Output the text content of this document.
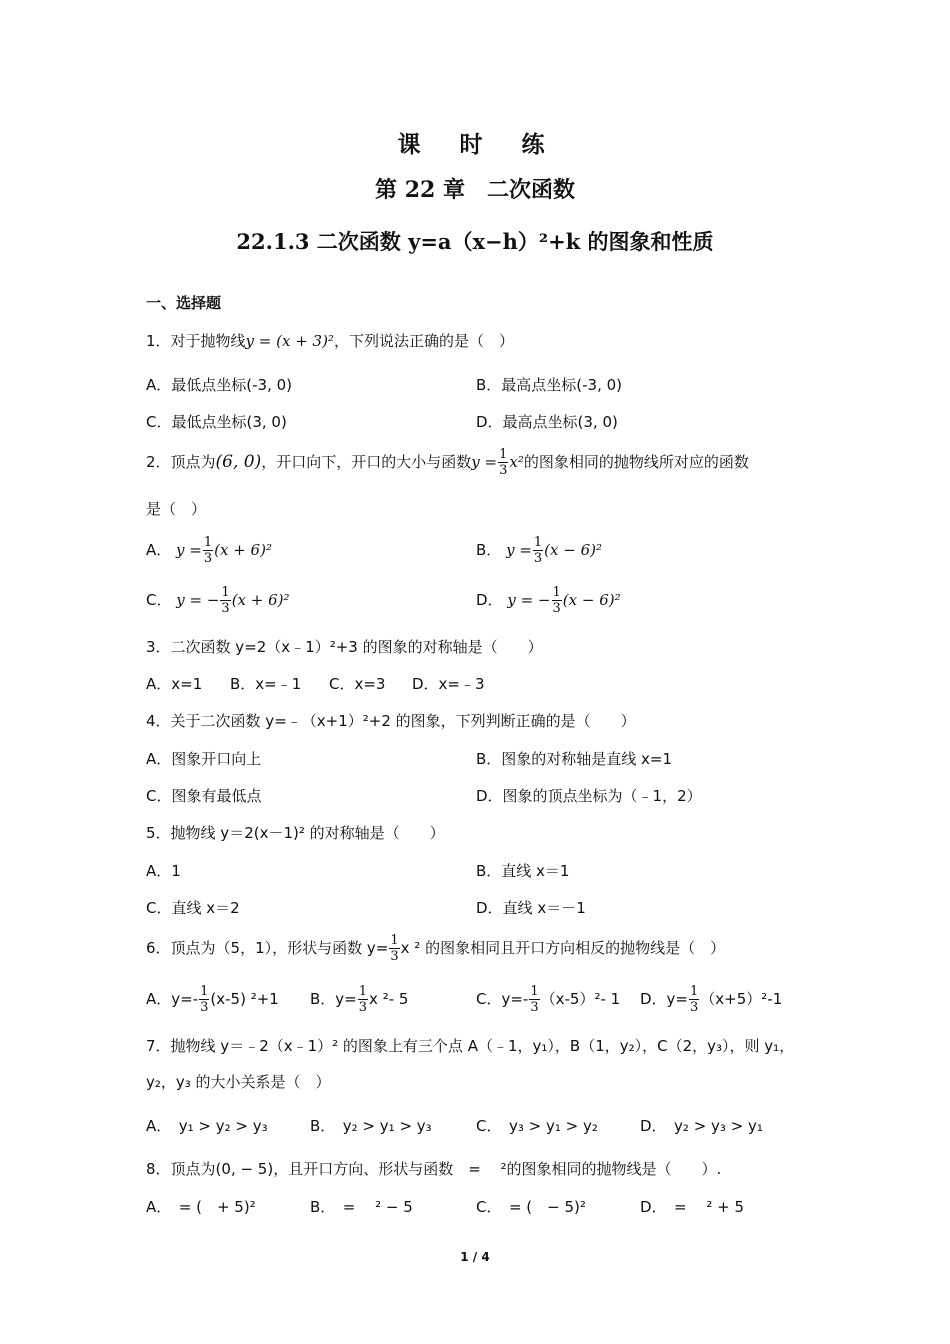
课　时　练
第 22 章　二次函数
22.1.3 二次函数 y=a（x−h）²+k 的图象和性质
一、选择题
1．对于抛物线y = (x + 3)²，下列说法正确的是（　）
A．最低点坐标(-3, 0)	B．最高点坐标(-3, 0)
C．最低点坐标(3, 0)	D．最高点坐标(3, 0)
2．顶点为(6, 0)，开口向下，开口的大小与函数$y = \frac{1}{3} x^2$的图象相同的抛物线所对应的函数
是（　）
A． $y = \frac{1}{3} (x + 6)^2$	B． $y = \frac{1}{3} (x - 6)^2$
C． y = − $\frac{1}{3} (x + 6)^2$	D． y = − $\frac{1}{3} (x - 6)^2$
3．二次函数 y=2（x﹣1）²+3 的图象的对称轴是（　　）
A．x=1 B．x=﹣1 C．x=3 D．x=﹣3
4．关于二次函数 y=﹣（x+1）²+2 的图象，下列判断正确的是（　　）
A．图象开口向上	B．图象的对称轴是直线 x=1
C．图象有最低点	D．图象的顶点坐标为（﹣1，2）
5．抛物线 y＝2(x－1)² 的对称轴是（　　）
A．1	B．直线 x＝1
C．直线 x＝2	D．直线 x＝－1
6．顶点为（5，1），形状与函数 $y= \frac{1}{3}$ x ² 的图象相同且开口方向相反的抛物线是（　）
A．$y=- \frac{1}{3} (x-5)$ ²+1 B．$y= \frac{1}{3}$ x ²- 5	C．$y=- \frac{1}{3} (x-5)^2-$ 1 D．$y= \frac{1}{3} (x+5)^2-1$
7．抛物线 y＝﹣2（x﹣1）² 的图象上有三个点 A（﹣1，y₁），B（1，y₂），C（2，y₃），则 y₁，
y₂，y₃ 的大小关系是（　）
A．　y₁ > y₂ > y₃	B．　y₂ > y₁ > y₃	C．　y₃ > y₁ > y₂	D．　y₂ > y₃ > y₁
8．顶点为(0, − 5)，且开口方向、形状与函数　=　 ²的图象相同的抛物线是（　　）.
A．　= (　+ 5)²	B．　=　 ² − 5	C．　= (　− 5)²	D．　=　 ² + 5
1 / 4
